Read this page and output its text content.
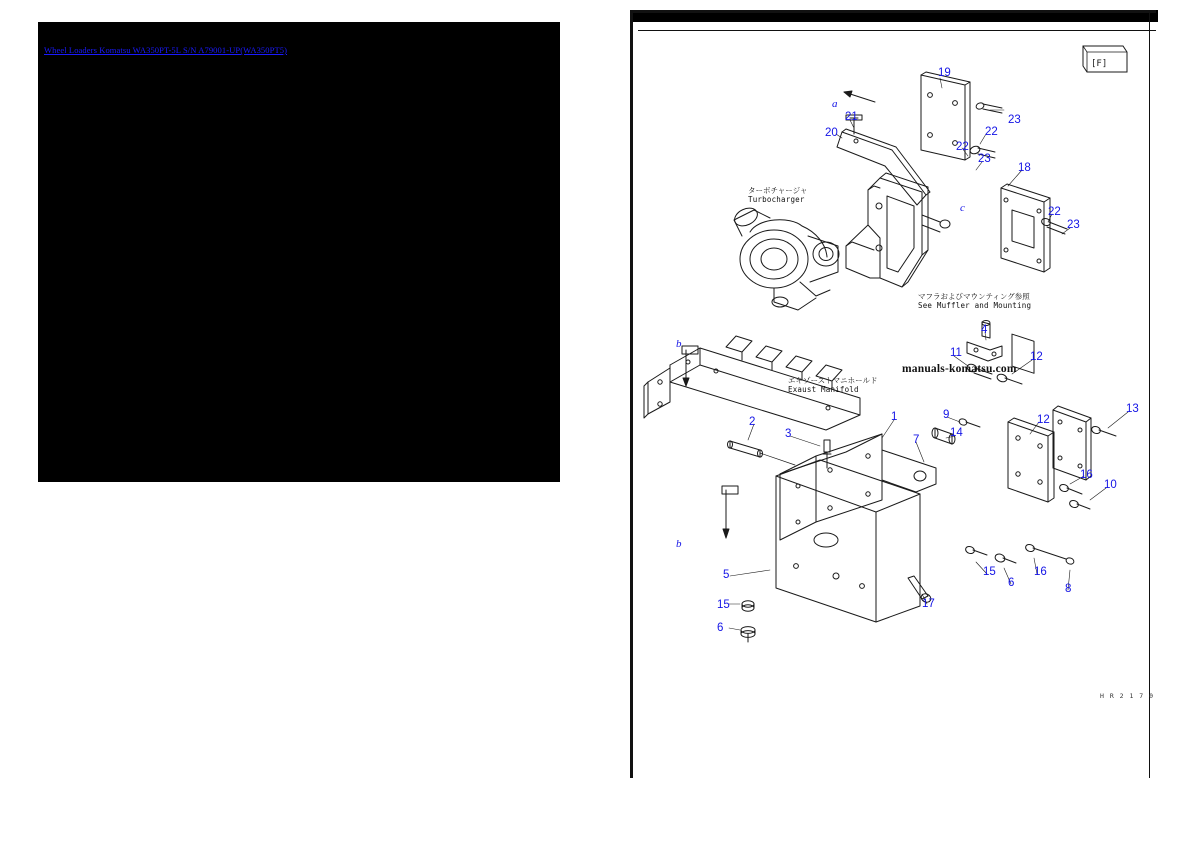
Wheel Loaders Komatsu WA350PT-5L S/N A79001-UP(WA350PT5)
[F]
ターボチャージャ
Turbocharger
マフラおよびマウンティング参照
See Muffler and Mounting
エキゾーストマニホールド
Exaust Manifold
a
b
b
c
19
23
22
21
20
22
23
18
22
23
4
12
11
12
9	13
14
2	1
3	7
16
10
5	15
6
16
8
17
15
6
manuals-komatsu.com
H R 2 1 7 0
